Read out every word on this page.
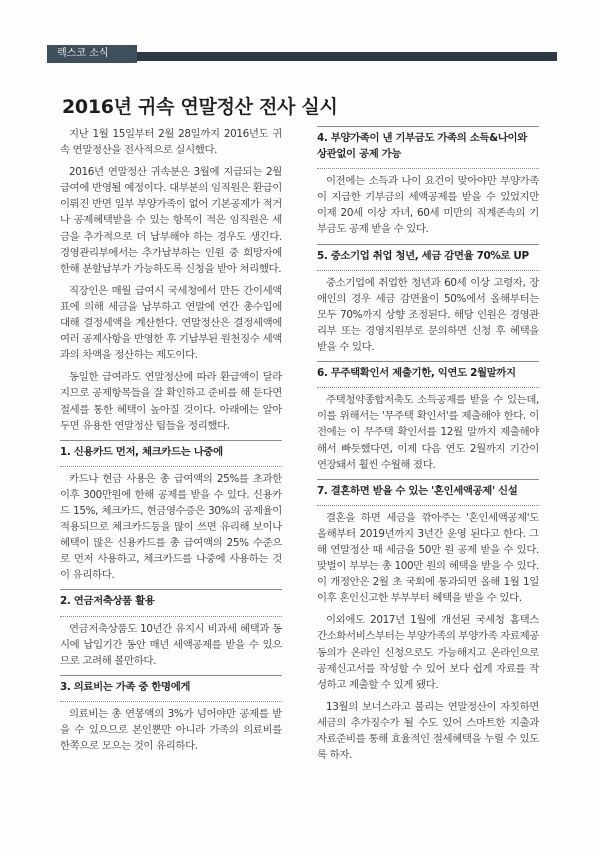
렉스코 소식
2016년 귀속 연말정산 전사 실시

지난 1월 15일부터 2월 28일까지 2016년도 귀속 연말정산을 전사적으로 실시했다.

2016년 연말정산 귀속분은 3월에 지급되는 2월 급여에 반영될 예정이다. 대부분의 임직원은 환급이 이뤄진 반면 일부 부양가족이 없어 기본공제가 적거나 공제혜택받을 수 있는 항목이 적은 임직원은 세금을 추가적으로 더 납부해야 하는 경우도 생긴다. 경영관리부에서는 추가납부하는 인원 중 희망자에 한해 분할납부가 가능하도록 신청을 받아 처리했다.

직장인은 매월 급여시 국세청에서 만든 간이세액표에 의해 세금을 납부하고 연말에 연간 총수입에 대해 결정세액을 계산한다. 연말정산은 결정세액에 여러 공제사항을 반영한 후 기납부된 원천징수 세액과의 차액을 정산하는 제도이다.

동일한 급여라도 연말정산에 따라 환급액이 달라지므로 공제항목들을 잘 확인하고 준비를 해 둔다면 절세를 통한 혜택이 높아질 것이다. 아래에는 알아두면 유용한 연말정산 팁들을 정리했다.

1. 신용카드 먼저, 체크카드는 나중에

카드나 현금 사용은 총 급여액의 25%를 초과한 이후 300만원에 한해 공제를 받을 수 있다. 신용카드 15%, 체크카드, 현금영수증은 30%의 공제율이 적용되므로 체크카드등을 많이 쓰면 유리해 보이나 혜택이 많은 신용카드를 총 급여액의 25% 수준으로 먼저 사용하고, 체크카드를 나중에 사용하는 것이 유리하다.

2. 연금저축상품 활용

연금저축상품도 10년간 유지시 비과세 혜택과 동시에 납입기간 동안 매년 세액공제를 받을 수 있으므로 고려해 볼만하다.

3. 의료비는 가족 중 한명에게

의료비는 총 연봉액의 3%가 넘어야만 공제를 받을 수 있으므로 본인뿐만 아니라 가족의 의료비를 한쪽으로 모으는 것이 유리하다.

4. 부양가족이 낸 기부금도 가족의 소득&나이와 상관없이 공제 가능

이전에는 소득과 나이 요건이 맞아야만 부양가족이 지급한 기부금의 세액공제를 받을 수 있었지만 이제 20세 이상 자녀, 60세 미만의 직계존속의 기부금도 공제 받을 수 있다.

5. 중소기업 취업 청년, 세금 감면율 70%로 UP

중소기업에 취업한 청년과 60세 이상 고령자, 장애인의 경우 세금 감면율이 50%에서 올해부터는 모두 70%까지 상향 조정된다. 해당 인원은 경영관리부 또는 경영지원부로 문의하면 신청 후 혜택을 받을 수 있다.

6. 무주택확인서 제출기한, 익연도 2월말까지

주택청약종합저축도 소득공제를 받을 수 있는데, 이를 위해서는 '무주택 확인서'를 제출해야 한다. 이전에는 이 무주택 확인서를 12월 말까지 제출해야 해서 빠듯했다면, 이제 다음 연도 2월까지 기간이 연장돼서 훨씬 수월해 졌다.

7. 결혼하면 받을 수 있는 '혼인세액공제' 신설

결혼을 하면 세금을 깎아주는 '혼인세액공제'도 올해부터 2019년까지 3년간 운영 된다고 한다. 그해 연말정산 때 세금을 50만 원 공제 받을 수 있다. 맞벌이 부부는 총 100만 원의 혜택을 받을 수 있다. 이 개정안은 2월 초 국회에 통과되면 올해 1월 1일 이후 혼인신고한 부부부터 혜택을 받을 수 있다.

이외에도 2017년 1월에 개선된 국세청 홈택스 간소화서비스부터는 부양가족의 부양가족 자료제공 동의가 온라인 신청으로도 가능해지고 온라인으로 공제신고서를 작성할 수 있어 보다 쉽게 자료를 작성하고 제출할 수 있게 됐다.

13월의 보너스라고 불리는 연말정산이 자칫하면 세금의 추가징수가 될 수도 있어 스마트한 지출과 자료준비를 통해 효율적인 절세혜택을 누릴 수 있도록 하자.
